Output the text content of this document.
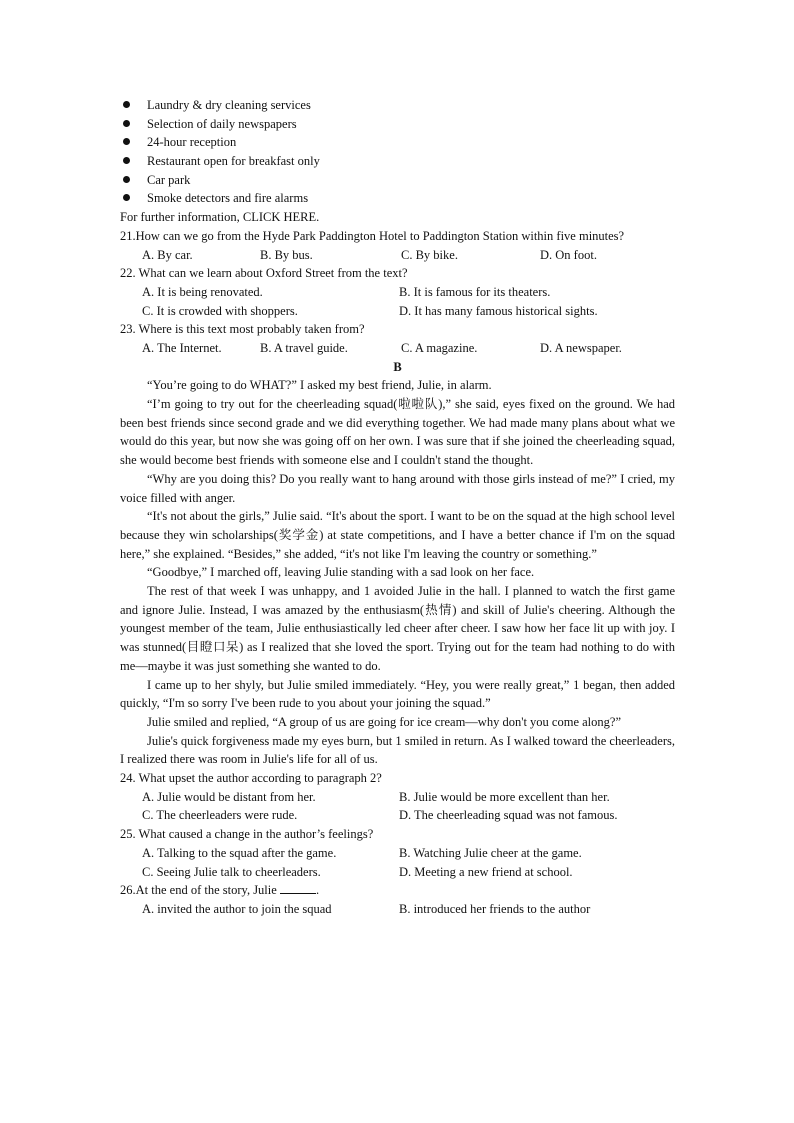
Laundry & dry cleaning services
Selection of daily newspapers
24-hour reception
Restaurant open for breakfast only
Car park
Smoke detectors and fire alarms
For further information, CLICK HERE.

21.How can we go from the Hyde Park Paddington Hotel to Paddington Station within five minutes?

A. By car.	B. By bus.	C. By bike.	D. On foot.
22. What can we learn about Oxford Street from the text?
A. It is being renovated.	B. It is famous for its theaters.
C. It is crowded with shoppers.	D. It has many famous historical sights.
23. Where is this text most probably taken from?
A. The Internet.	B. A travel guide.	C. A magazine.	D. A newspaper.
B

“You’re going to do WHAT?” I asked my best friend, Julie, in alarm.

“I’m going to try out for the cheerleading squad(啦啦队),” she said, eyes fixed on the ground. We had been best friends since second grade and we did everything together. We had made many plans about what we would do this year, but now she was going off on her own. I was sure that if she joined the cheerleading squad, she would become best friends with someone else and I couldn't stand the thought.

“Why are you doing this? Do you really want to hang around with those girls instead of me?” I cried, my voice filled with anger.

“It's not about the girls,” Julie said. “It's about the sport. I want to be on the squad at the high school level because they win scholarships(奖学金) at state competitions, and I have a better chance if I'm on the squad here,” she explained. “Besides,” she added, “it's not like I'm leaving the country or something.”

“Goodbye,” I marched off, leaving Julie standing with a sad look on her face.

The rest of that week I was unhappy, and 1 avoided Julie in the hall. I planned to watch the first game and ignore Julie. Instead, I was amazed by the enthusiasm(热情) and skill of Julie's cheering. Although the youngest member of the team, Julie enthusiastically led cheer after cheer. I saw how her face lit up with joy. I was stunned(目瞪口呆) as I realized that she loved the sport. Trying out for the team had nothing to do with me—maybe it was just something she wanted to do.

I came up to her shyly, but Julie smiled immediately. “Hey, you were really great,” 1 began, then added quickly, “I'm so sorry I've been rude to you about your joining the squad.”

Julie smiled and replied, “A group of us are going for ice cream—why don't you come along?”

Julie's quick forgiveness made my eyes burn, but 1 smiled in return. As I walked toward the cheerleaders, I realized there was room in Julie's life for all of us.

24. What upset the author according to paragraph 2?
A. Julie would be distant from her.	B. Julie would be more excellent than her.
C. The cheerleaders were rude.	D. The cheerleading squad was not famous.
25. What caused a change in the author’s feelings?
A. Talking to the squad after the game.	B. Watching Julie cheer at the game.
C. Seeing Julie talk to cheerleaders.	D. Meeting a new friend at school.
26.At the end of the story, Julie	.
A. invited the author to join the squad	B. introduced her friends to the author
